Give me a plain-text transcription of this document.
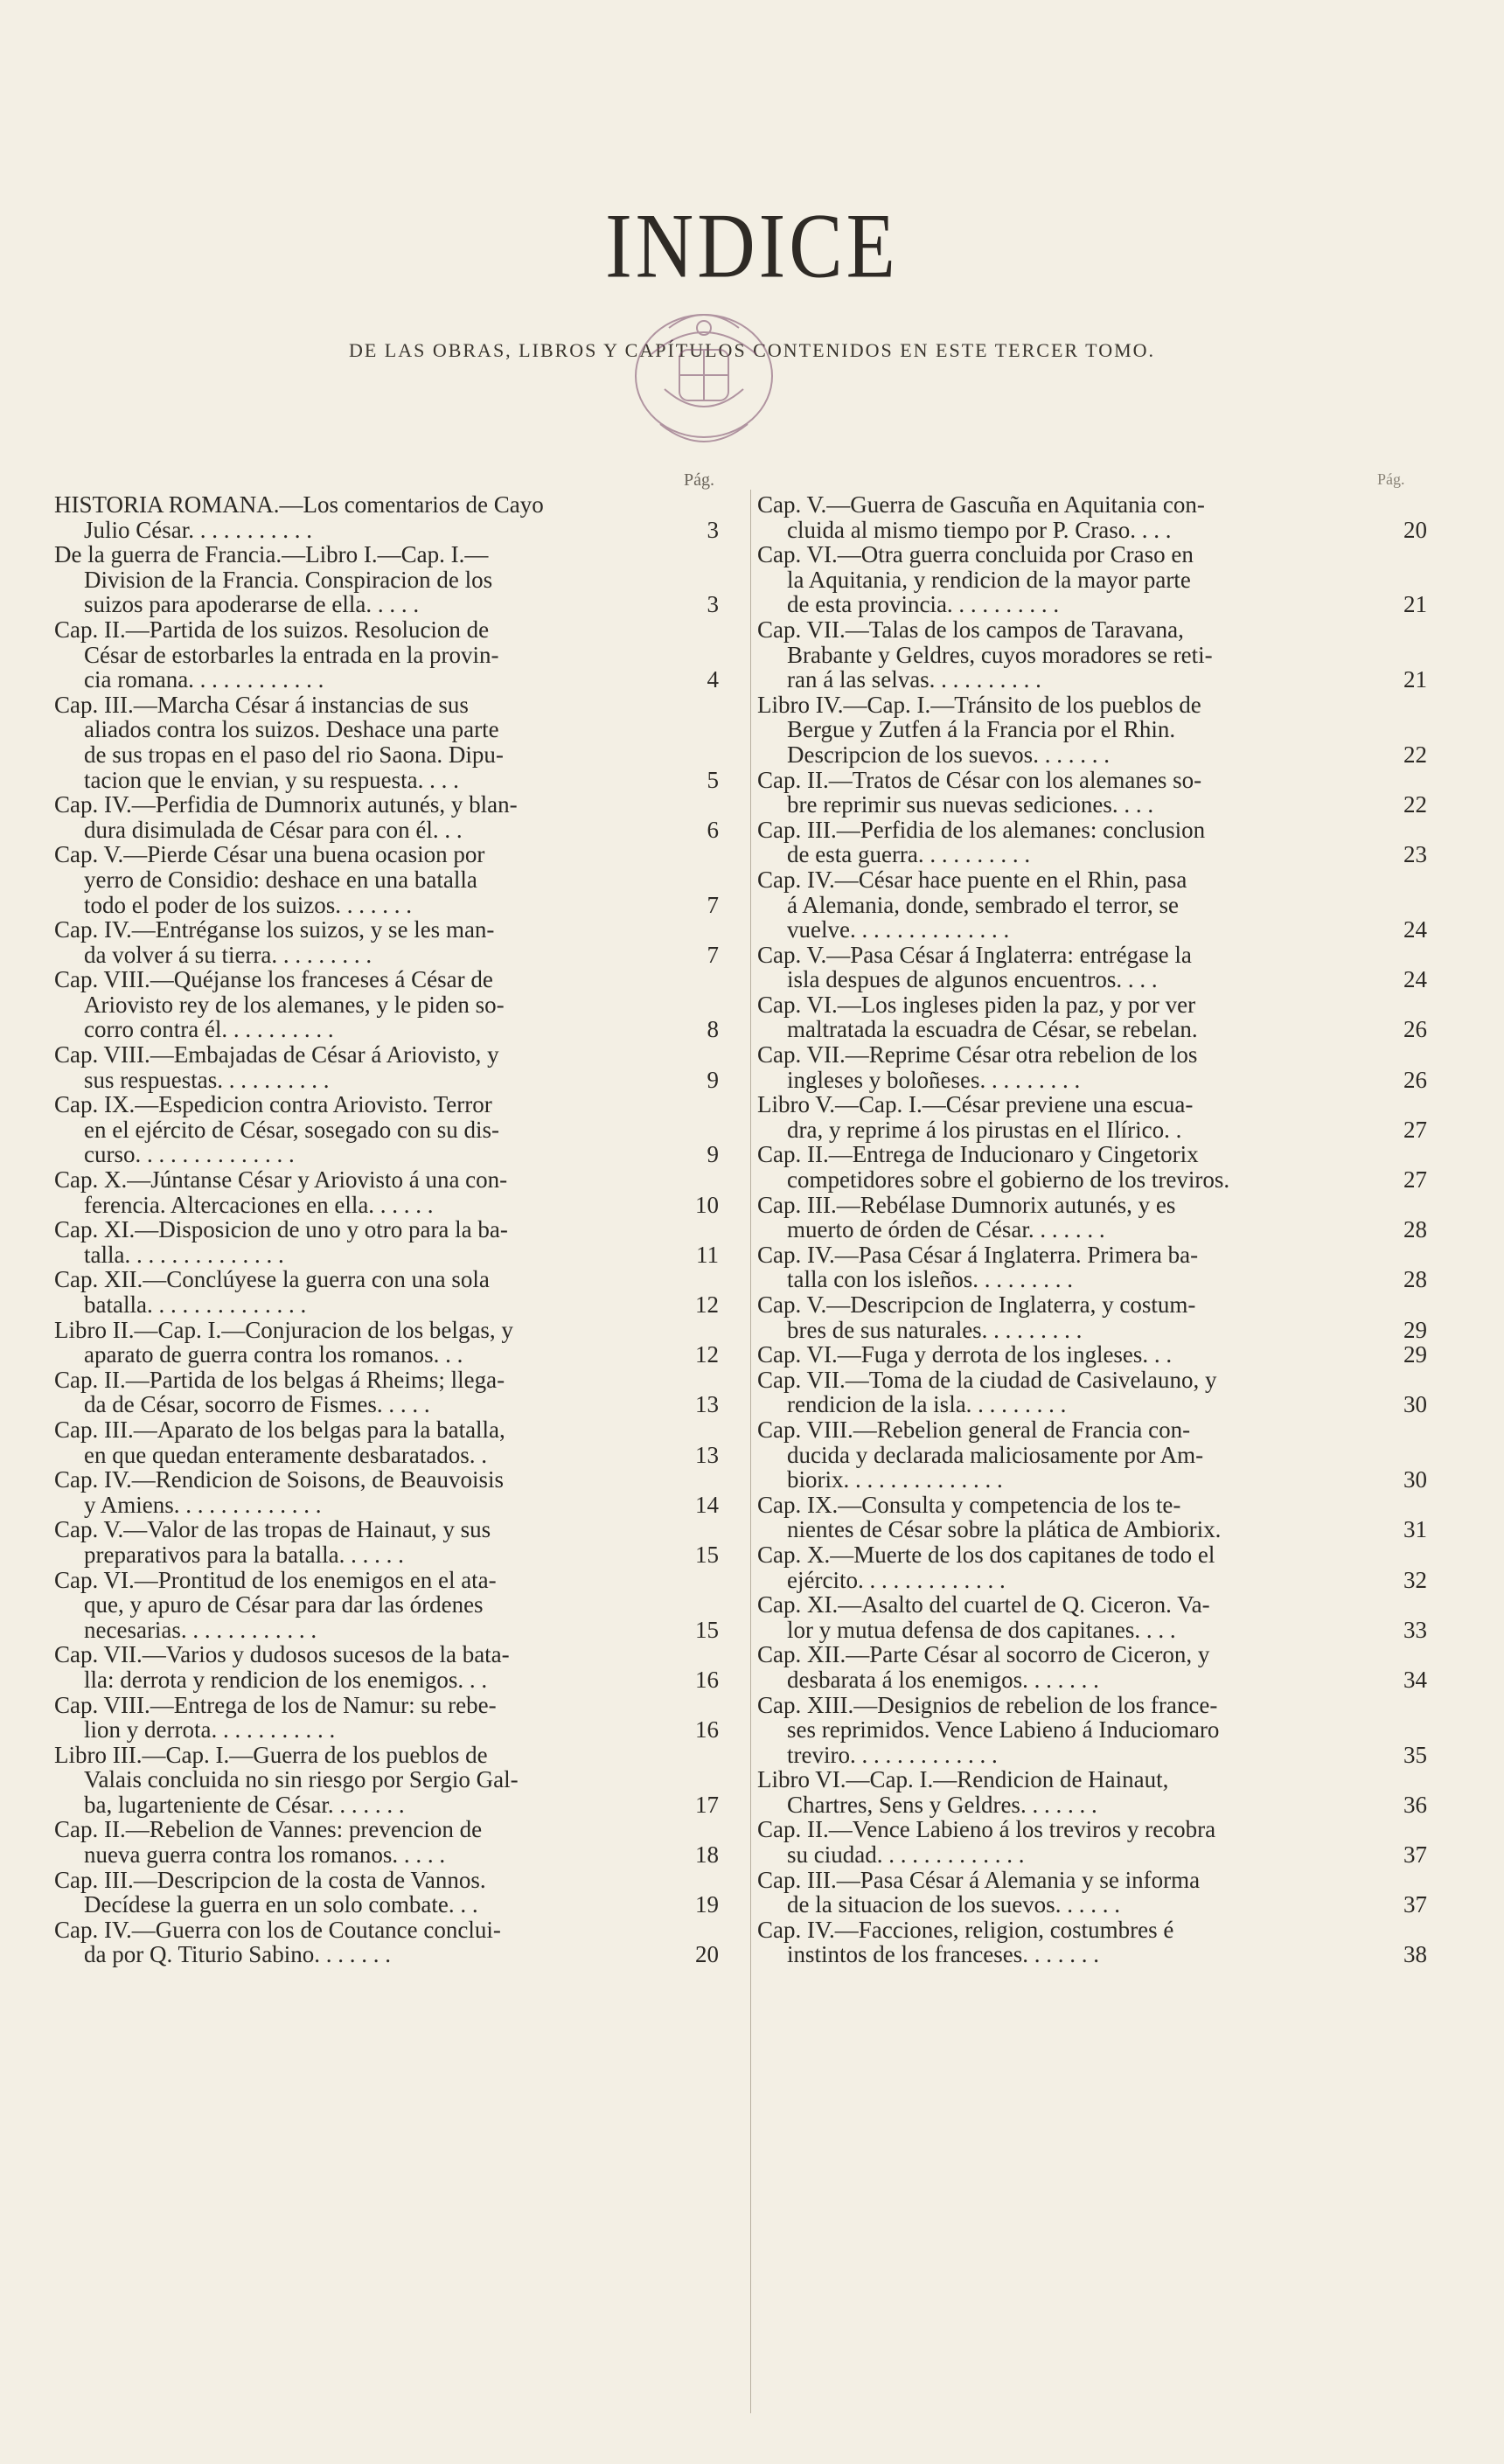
INDICE
DE LAS OBRAS, LIBROS Y CAPÍTULOS CONTENIDOS EN ESTE TERCER TOMO.
Pág.	Pág.
HISTORIA ROMANA.—Los comentarios de Cayo
Julio César. . . . . . . . . . .	3
De la guerra de Francia.—Libro I.—Cap. I.—
Division de la Francia. Conspiracion de los
suizos para apoderarse de ella. . . . .	3
Cap. II.—Partida de los suizos. Resolucion de
César de estorbarles la entrada en la provin-
cia romana. . . . . . . . . . . .	4
Cap. III.—Marcha César á instancias de sus
aliados contra los suizos. Deshace una parte
de sus tropas en el paso del rio Saona. Dipu-
tacion que le envian, y su respuesta. . . .	5
Cap. IV.—Perfidia de Dumnorix autunés, y blan-
dura disimulada de César para con él. . .	6
Cap. V.—Pierde César una buena ocasion por
yerro de Considio: deshace en una batalla
todo el poder de los suizos. . . . . . .	7
Cap. IV.—Entréganse los suizos, y se les man-
da volver á su tierra. . . . . . . . .	7
Cap. VIII.—Quéjanse los franceses á César de
Ariovisto rey de los alemanes, y le piden so-
corro contra él. . . . . . . . . .	8
Cap. VIII.—Embajadas de César á Ariovisto, y
sus respuestas. . . . . . . . . .	9
Cap. IX.—Espedicion contra Ariovisto. Terror
en el ejército de César, sosegado con su dis-
curso. . . . . . . . . . . . . .	9
Cap. X.—Júntanse César y Ariovisto á una con-
ferencia. Altercaciones en ella. . . . . .	10
Cap. XI.—Disposicion de uno y otro para la ba-
talla. . . . . . . . . . . . . .	11
Cap. XII.—Conclúyese la guerra con una sola
batalla. . . . . . . . . . . . . .	12
Libro II.—Cap. I.—Conjuracion de los belgas, y
aparato de guerra contra los romanos. . .	12
Cap. II.—Partida de los belgas á Rheims; llega-
da de César, socorro de Fismes. . . . .	13
Cap. III.—Aparato de los belgas para la batalla,
en que quedan enteramente desbaratados. .	13
Cap. IV.—Rendicion de Soisons, de Beauvoisis
y Amiens. . . . . . . . . . . . .	14
Cap. V.—Valor de las tropas de Hainaut, y sus
preparativos para la batalla. . . . . .	15
Cap. VI.—Prontitud de los enemigos en el ata-
que, y apuro de César para dar las órdenes
necesarias. . . . . . . . . . . .	15
Cap. VII.—Varios y dudosos sucesos de la bata-
lla: derrota y rendicion de los enemigos. . .	16
Cap. VIII.—Entrega de los de Namur: su rebe-
lion y derrota. . . . . . . . . . .	16
Libro III.—Cap. I.—Guerra de los pueblos de
Valais concluida no sin riesgo por Sergio Gal-
ba, lugarteniente de César. . . . . . .	17
Cap. II.—Rebelion de Vannes: prevencion de
nueva guerra contra los romanos. . . . .	18
Cap. III.—Descripcion de la costa de Vannos.
Decídese la guerra en un solo combate. . .	19
Cap. IV.—Guerra con los de Coutance conclui-
da por Q. Titurio Sabino. . . . . . .	20
Cap. V.—Guerra de Gascuña en Aquitania con-
cluida al mismo tiempo por P. Craso. . . .	20
Cap. VI.—Otra guerra concluida por Craso en
la Aquitania, y rendicion de la mayor parte
de esta provincia. . . . . . . . . .	21
Cap. VII.—Talas de los campos de Taravana,
Brabante y Geldres, cuyos moradores se reti-
ran á las selvas. . . . . . . . . .	21
Libro IV.—Cap. I.—Tránsito de los pueblos de
Bergue y Zutfen á la Francia por el Rhin.
Descripcion de los suevos. . . . . . .	22
Cap. II.—Tratos de César con los alemanes so-
bre reprimir sus nuevas sediciones. . . .	22
Cap. III.—Perfidia de los alemanes: conclusion
de esta guerra. . . . . . . . . .	23
Cap. IV.—César hace puente en el Rhin, pasa
á Alemania, donde, sembrado el terror, se
vuelve. . . . . . . . . . . . . .	24
Cap. V.—Pasa César á Inglaterra: entrégase la
isla despues de algunos encuentros. . . .	24
Cap. VI.—Los ingleses piden la paz, y por ver
maltratada la escuadra de César, se rebelan.	26
Cap. VII.—Reprime César otra rebelion de los
ingleses y boloñeses. . . . . . . . .	26
Libro V.—Cap. I.—César previene una escua-
dra, y reprime á los pirustas en el Ilírico. .	27
Cap. II.—Entrega de Inducionaro y Cingetorix
competidores sobre el gobierno de los treviros.	27
Cap. III.—Rebélase Dumnorix autunés, y es
muerto de órden de César. . . . . . .	28
Cap. IV.—Pasa César á Inglaterra. Primera ba-
talla con los isleños. . . . . . . . .	28
Cap. V.—Descripcion de Inglaterra, y costum-
bres de sus naturales. . . . . . . . .	29
Cap. VI.—Fuga y derrota de los ingleses. . .	29
Cap. VII.—Toma de la ciudad de Casivelauno, y
rendicion de la isla. . . . . . . . .	30
Cap. VIII.—Rebelion general de Francia con-
ducida y declarada maliciosamente por Am-
biorix. . . . . . . . . . . . . .	30
Cap. IX.—Consulta y competencia de los te-
nientes de César sobre la plática de Ambiorix.	31
Cap. X.—Muerte de los dos capitanes de todo el
ejército. . . . . . . . . . . . .	32
Cap. XI.—Asalto del cuartel de Q. Ciceron. Va-
lor y mutua defensa de dos capitanes. . . .	33
Cap. XII.—Parte César al socorro de Ciceron, y
desbarata á los enemigos. . . . . . .	34
Cap. XIII.—Designios de rebelion de los france-
ses reprimidos. Vence Labieno á Induciomaro
treviro. . . . . . . . . . . . .	35
Libro VI.—Cap. I.—Rendicion de Hainaut,
Chartres, Sens y Geldres. . . . . . .	36
Cap. II.—Vence Labieno á los treviros y recobra
su ciudad. . . . . . . . . . . . .	37
Cap. III.—Pasa César á Alemania y se informa
de la situacion de los suevos. . . . . .	37
Cap. IV.—Facciones, religion, costumbres é
instintos de los franceses. . . . . . .	38
